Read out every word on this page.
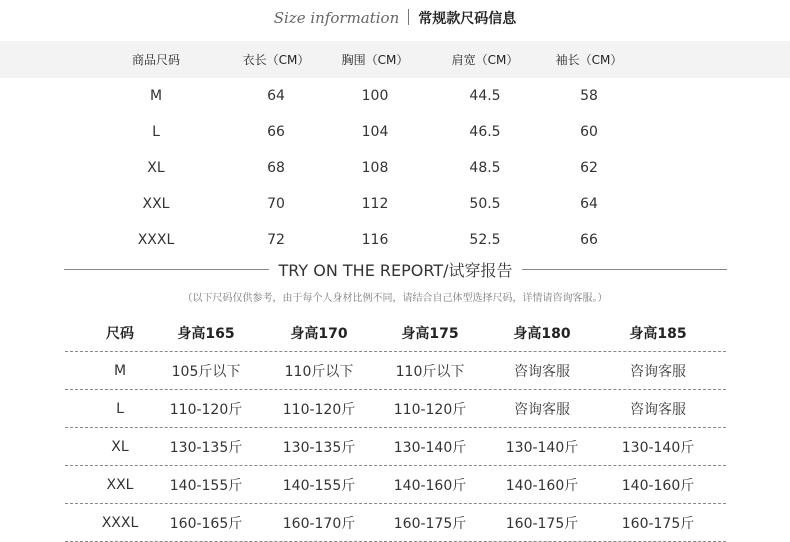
Size information 常规款尺码信息
商品尺码	衣长（CM）	胸围（CM）	肩宽（CM）	袖长（CM）
M	64	100	44.5	58
L	66	104	46.5	60
XL	68	108	48.5	62
XXL	70	112	50.5	64
XXXL	72	116	52.5	66
TRY ON THE REPORT/试穿报告
（以下尺码仅供参考，由于每个人身材比例不同，请结合自己体型选择尺码，详情请咨询客服。）
尺码	身高165	身高170	身高175	身高180	身高185
M	105斤以下	110斤以下	110斤以下	咨询客服	咨询客服
L	110-120斤	110-120斤	110-120斤	咨询客服	咨询客服
XL	130-135斤	130-135斤	130-140斤	130-140斤	130-140斤
XXL	140-155斤	140-155斤	140-160斤	140-160斤	140-160斤
XXXL	160-165斤	160-170斤	160-175斤	160-175斤	160-175斤
